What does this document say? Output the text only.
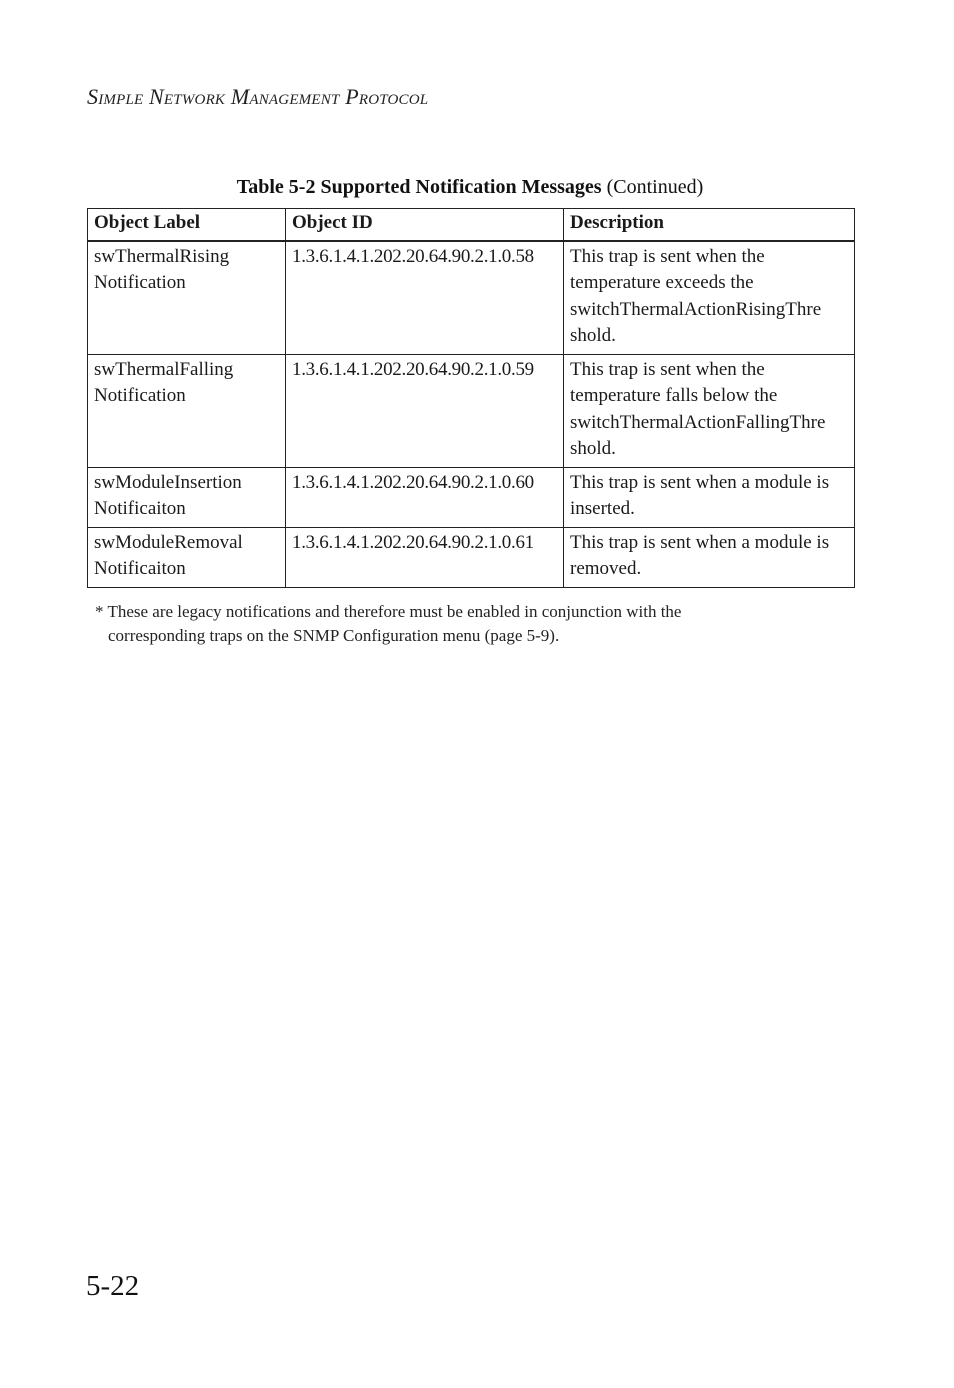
Simple Network Management Protocol
Table 5-2 Supported Notification Messages (Continued)
Object Label	Object ID	Description

swThermalRising
Notification	1.3.6.1.4.1.202.20.64.90.2.1.0.58	This trap is sent when the
temperature exceeds the
switchThermalActionRisingThre
shold.

swThermalFalling
Notification	1.3.6.1.4.1.202.20.64.90.2.1.0.59	This trap is sent when the
temperature falls below the
switchThermalActionFallingThre
shold.

swModuleInsertion
Notificaiton	1.3.6.1.4.1.202.20.64.90.2.1.0.60	This trap is sent when a module is
inserted.

swModuleRemoval
Notificaiton	1.3.6.1.4.1.202.20.64.90.2.1.0.61	This trap is sent when a module is
removed.
* These are legacy notifications and therefore must be enabled in conjunction with the
corresponding traps on the SNMP Configuration menu (page 5-9).
5-22
